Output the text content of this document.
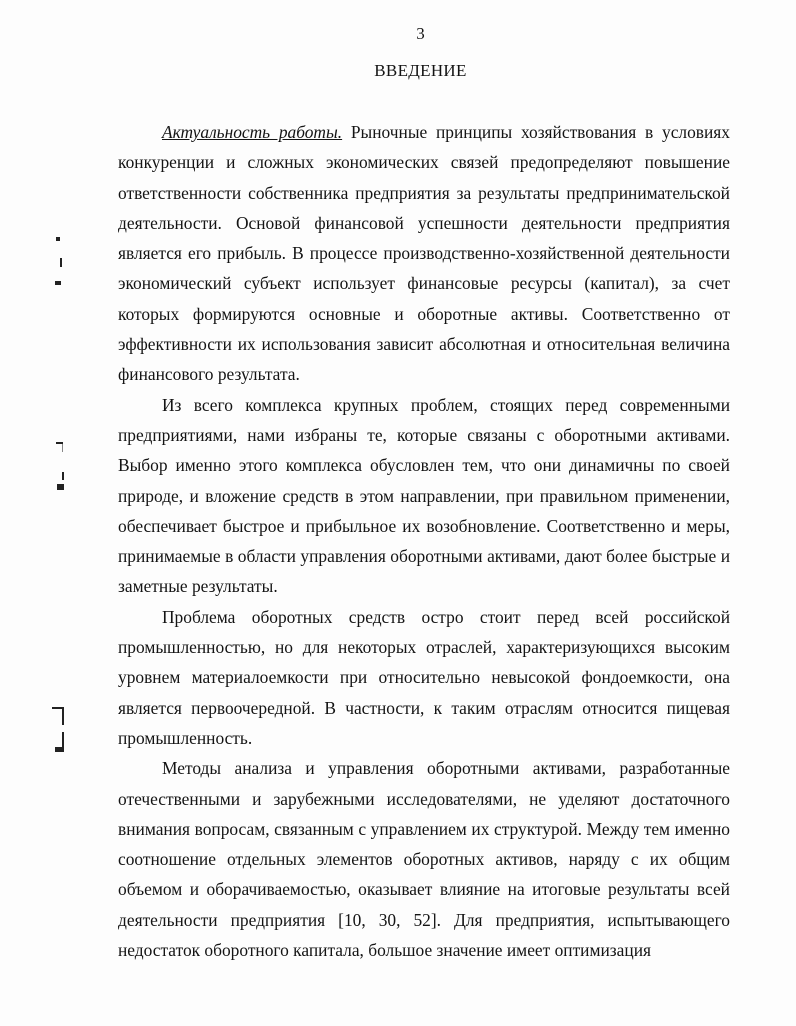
3
ВВЕДЕНИЕ

Актуальность работы. Рыночные принципы хозяйствования в условиях конкуренции и сложных экономических связей предопределяют повышение ответственности собственника предприятия за результаты предпринимательской деятельности. Основой финансовой успешности деятельности предприятия является его прибыль. В процессе производственно-хозяйственной деятельности экономический субъект использует финансовые ресурсы (капитал), за счет которых формируются основные и оборотные активы. Соответственно от эффективности их использования зависит абсолютная и относительная величина финансового результата.

Из всего комплекса крупных проблем, стоящих перед современными предприятиями, нами избраны те, которые связаны с оборотными активами. Выбор именно этого комплекса обусловлен тем, что они динамичны по своей природе, и вложение средств в этом направлении, при правильном применении, обеспечивает быстрое и прибыльное их возобновление. Соответственно и меры, принимаемые в области управления оборотными активами, дают более быстрые и заметные результаты.

Проблема оборотных средств остро стоит перед всей российской промышленностью, но для некоторых отраслей, характеризующихся высоким уровнем материалоемкости при относительно невысокой фондоемкости, она является первоочередной. В частности, к таким отраслям относится пищевая промышленность.

Методы анализа и управления оборотными активами, разработанные отечественными и зарубежными исследователями, не уделяют достаточного внимания вопросам, связанным с управлением их структурой. Между тем именно соотношение отдельных элементов оборотных активов, наряду с их общим объемом и оборачиваемостью, оказывает влияние на итоговые результаты всей деятельности предприятия [10, 30, 52]. Для предприятия, испытывающего недостаток оборотного капитала, большое значение имеет оптимизация
